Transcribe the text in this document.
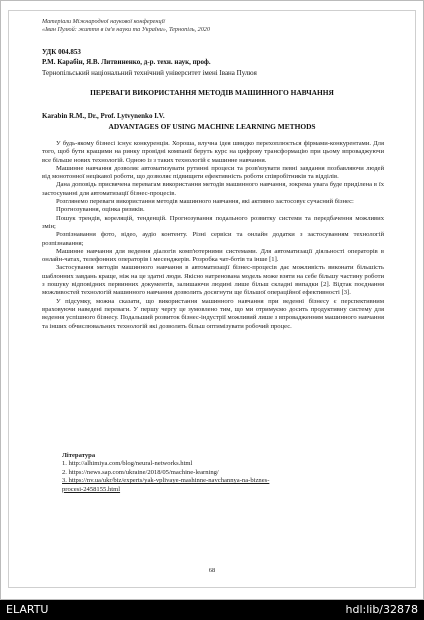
Матеріали Міжнародної наукової конференції
«Іван Пулюй: життя в ім'я науки та України», Тернопіль, 2020
УДК 004.853
Р.М. Карабін, Я.В. Литвиненко, д-р. техн. наук, проф.
Тернопільський національний технічний університет імені Івана Пулюя
ПЕРЕВАГИ ВИКОРИСТАННЯ МЕТОДІВ МАШИННОГО НАВЧАННЯ
Karabin R.M., Dr., Prof. Lytvynenko I.V.
ADVANTAGES OF USING MACHINE LEARNING METHODS

У будь-якому бізнесі існує конкуренція. Хороша, влучна ідея швидко перехоплюється фірмами-конкурентами. Для того, щоб бути кращими на ринку провідні компанії беруть курс на цифрову трансформацію при цьому впроваджуючи все більше нових технологій. Одною із з таких технологій є машинне навчання.

Машинне навчання дозволяє автоматизувати рутинні процеси та розв'язувати певні завдання позбавляючи людей від монотонної нецікавої роботи, що дозволяє підвищити ефективність роботи співробітників та відділів.

Дана доповідь присвячена перевагам використання методів машинного навчання, зокрема увага буде приділена в їх застосуванні для автоматизації бізнес-процесів.

Розглянемо переваги використання методів машинного навчання, які активно застосовує сучасний бізнес:

Прогнозування, оцінка ризиків.

Пошук трендів, кореляцій, тенденцій. Прогнозування подального розвитку системи та передбачення можливих змін;

Розпізнавання фото, відео, аудіо контенту. Різні сервіси та онлайн додатки з застосуванням технологій розпізнавання;

Машинне навчання для ведення діалогів комп'ютерними системами. Для автоматизації діяльності операторів в онлайн-чатах, телефонних операторів і месенджерів. Розробка чат-ботів та інше [1].

Застосування методів машинного навчання в автоматизації бізнес-процесів дає можливість виконати більшість шаблонних завдань краще, ніж на це здатні люди. Якісно натренована модель може взяти на себе більшу частину роботи з пошуку відповідних первинних документів, залишаючи людині лише більш складні випадки [2]. Відтак поєднання можливостей технологій машинного навчання дозволить досягнути ще більшої операційної ефективності [3].

У підсумку, можна сказати, що використання машинного навчання при веденні бізнесу є перспективним враховуючи наведені переваги. У першу чергу це зумовлено тим, що ми отримуємо досить продуктивну систему для ведення успішного бізнесу. Подальший розвиток бізнес-індустрії можливий лише з впровадженням машинного навчання та інших обчислювальних технологій які дозволять більш оптимізувати робочий процес.

Література
1. http://alhimiya.com/blog/neural-networks.html
2. https://news.sap.com/ukraine/2018/05/machine-learning/
3. https://nv.ua/ukr/biz/experts/yak-vplivaye-mashinne-navchannya-na-biznes-
procesi-2458155.html
68
ELARTU	hdl:lib/32878
